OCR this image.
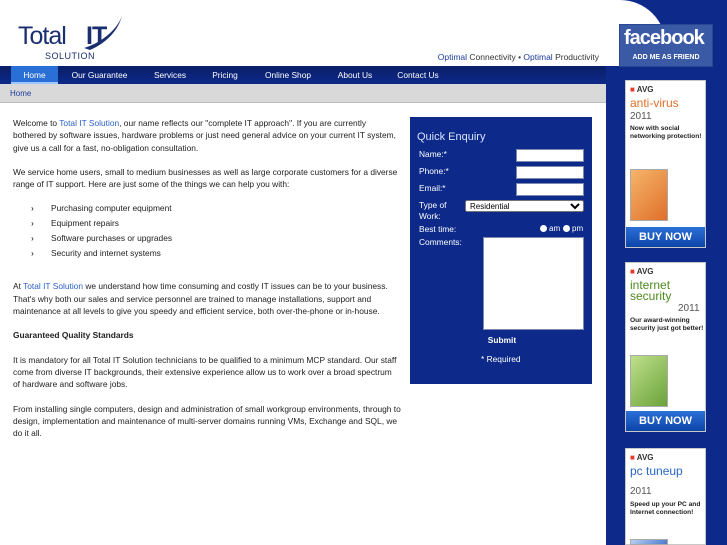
Total IT
SOLUTION	Optimal Connectivity • Optimal Productivity
Home	Our Guarantee	Services	Pricing	Online Shop	About Us	Contact Us
Home

Welcome to Total IT Solution, our name reflects our "complete IT approach". If you are currently bothered by software issues, hardware problems or just need general advice on your current IT system, give us a call for a fast, no-obligation consultation.

We service home users, small to medium businesses as well as large corporate customers for a diverse range of IT support. Here are just some of the things we can help you with:

› Purchasing computer equipment
› Equipment repairs
› Software purchases or upgrades
› Security and internet systems

At Total IT Solution we understand how time consuming and costly IT issues can be to your business. That's why both our sales and service personnel are trained to manage installations, support and maintenance at all levels to give you speedy and efficient service, both over-the-phone or in-house.

Guaranteed Quality Standards

It is mandatory for all Total IT Solution technicians to be qualified to a minimum MCP standard. Our staff come from diverse IT backgrounds, their extensive experience allow us to work over a broad spectrum of hardware and software jobs.

From installing single computers, design and administration of small workgroup environments, through to design, implementation and maintenance of multi-server domains running VMs, Exchange and SQL, we do it all.

Quick Enquiry
Name:*
Phone:*
Email:*
Type of Work:
Residential
Best time:	am	pm
Comments:
Submit
* Required
facebook
ADD ME AS FRIEND
■ AVG
anti-virus
2011
Now with social networking protection!
BUY NOW
■ AVG
internet security
2011
Our award-winning security just got better!
BUY NOW
■ AVG
pc tuneup
2011
Speed up your PC and Internet connection!
